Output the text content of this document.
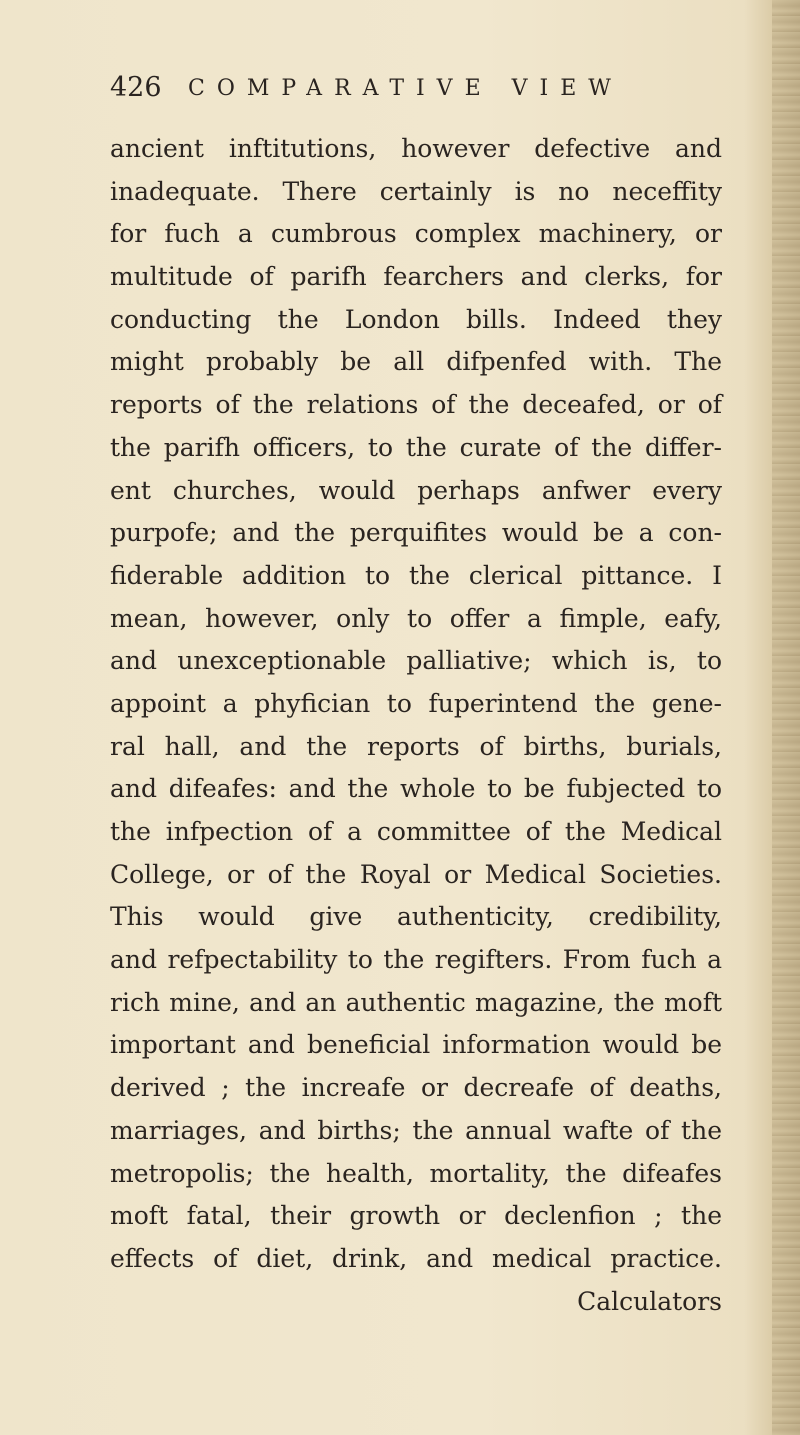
426 COMPARATIVE VIEW
ancient inftitutions, however defective and
inadequate. There certainly is no neceffity
for fuch a cumbrous complex machinery, or
multitude of parifh fearchers and clerks, for
conducting the London bills. Indeed they
might probably be all difpenfed with. The
reports of the relations of the deceafed, or of
the parifh officers, to the curate of the differ-
ent churches, would perhaps anfwer every
purpofe; and the perquifites would be a con-
fiderable addition to the clerical pittance. I
mean, however, only to offer a fimple, eafy,
and unexceptionable palliative; which is, to
appoint a phyfician to fuperintend the gene-
ral hall, and the reports of births, burials,
and difeafes: and the whole to be fubjected to
the infpection of a committee of the Medical
College, or of the Royal or Medical Societies.
This would give authenticity, credibility,
and refpectability to the regifters. From fuch a
rich mine, and an authentic magazine, the moft
important and beneficial information would be
derived ; the increafe or decreafe of deaths,
marriages, and births; the annual wafte of the
metropolis; the health, mortality, the difeafes
moft fatal, their growth or declenfion ; the
effects of diet, drink, and medical practice.
Calculators
